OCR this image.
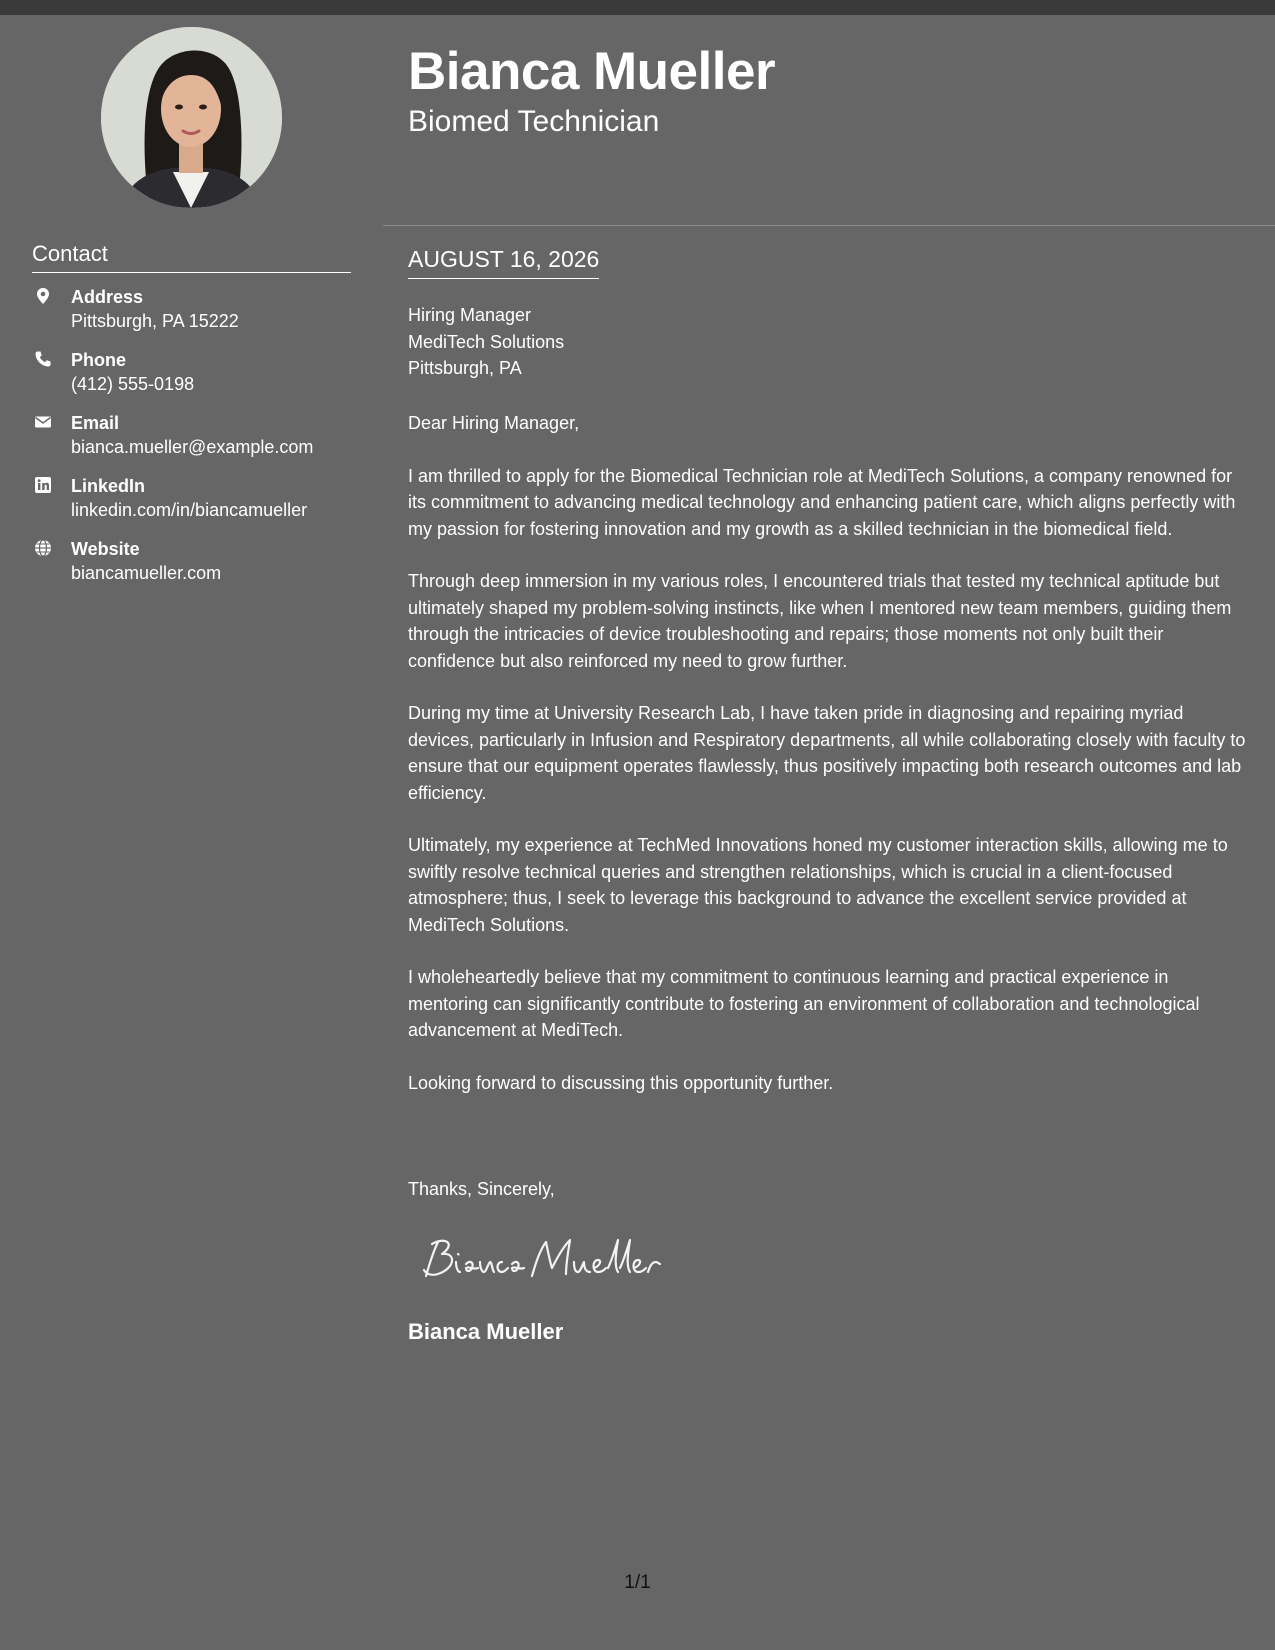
Bianca Mueller
Biomed Technician
Contact
Address
Pittsburgh, PA 15222
Phone
(412) 555-0198
Email
bianca.mueller@example.com
LinkedIn
linkedin.com/in/biancamueller
Website
biancamueller.com
AUGUST 16, 2026
Hiring Manager
MediTech Solutions
Pittsburgh, PA

Dear Hiring Manager,

I am thrilled to apply for the Biomedical Technician role at MediTech Solutions, a company renowned for its commitment to advancing medical technology and enhancing patient care, which aligns perfectly with my passion for fostering innovation and my growth as a skilled technician in the biomedical field.

Through deep immersion in my various roles, I encountered trials that tested my technical aptitude but ultimately shaped my problem-solving instincts, like when I mentored new team members, guiding them through the intricacies of device troubleshooting and repairs; those moments not only built their confidence but also reinforced my need to grow further.

During my time at University Research Lab, I have taken pride in diagnosing and repairing myriad devices, particularly in Infusion and Respiratory departments, all while collaborating closely with faculty to ensure that our equipment operates flawlessly, thus positively impacting both research outcomes and lab efficiency.

Ultimately, my experience at TechMed Innovations honed my customer interaction skills, allowing me to swiftly resolve technical queries and strengthen relationships, which is crucial in a client-focused atmosphere; thus, I seek to leverage this background to advance the excellent service provided at MediTech Solutions.

I wholeheartedly believe that my commitment to continuous learning and practical experience in mentoring can significantly contribute to fostering an environment of collaboration and technological advancement at MediTech.

Looking forward to discussing this opportunity further.

Thanks, Sincerely,
Bianca Mueller
1/1
